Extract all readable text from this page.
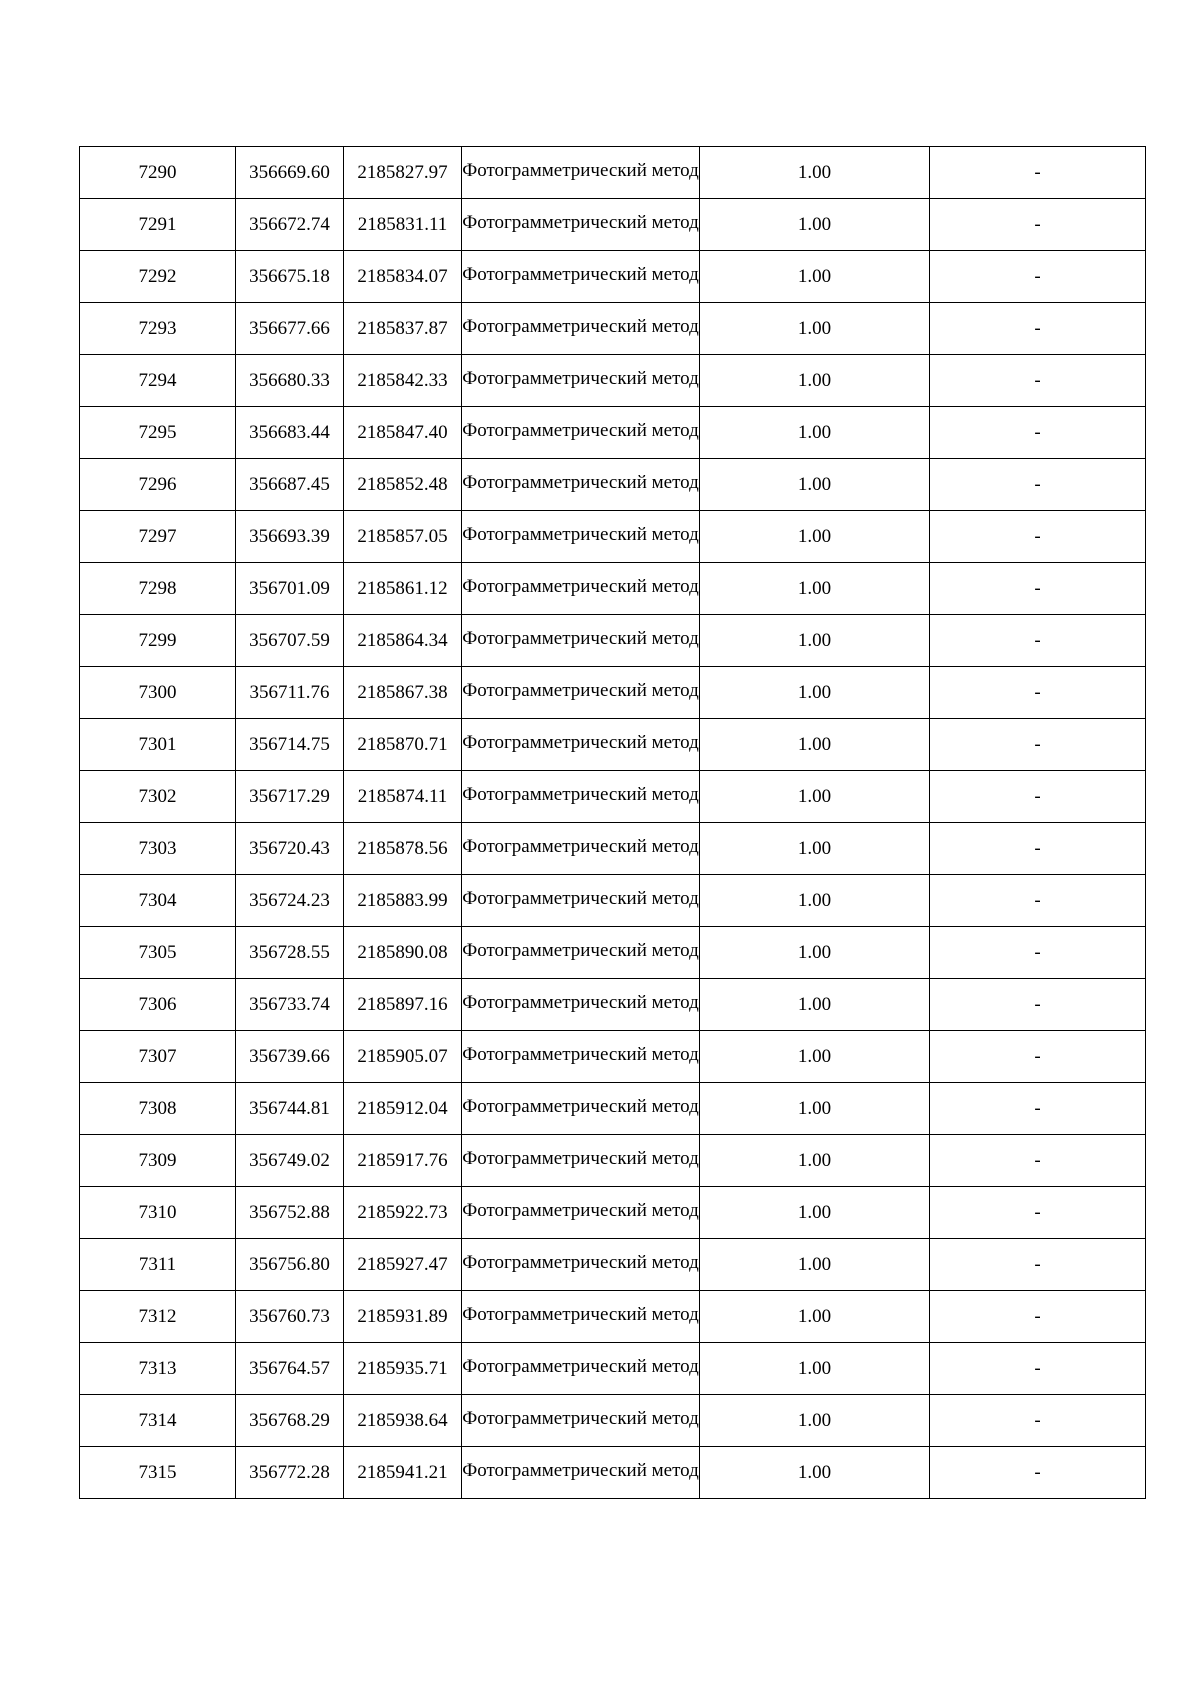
7290	356669.60	2185827.97	Фотограмметрический метод	1.00	-
7291	356672.74	2185831.11	Фотограмметрический метод	1.00	-
7292	356675.18	2185834.07	Фотограмметрический метод	1.00	-
7293	356677.66	2185837.87	Фотограмметрический метод	1.00	-
7294	356680.33	2185842.33	Фотограмметрический метод	1.00	-
7295	356683.44	2185847.40	Фотограмметрический метод	1.00	-
7296	356687.45	2185852.48	Фотограмметрический метод	1.00	-
7297	356693.39	2185857.05	Фотограмметрический метод	1.00	-
7298	356701.09	2185861.12	Фотограмметрический метод	1.00	-
7299	356707.59	2185864.34	Фотограмметрический метод	1.00	-
7300	356711.76	2185867.38	Фотограмметрический метод	1.00	-
7301	356714.75	2185870.71	Фотограмметрический метод	1.00	-
7302	356717.29	2185874.11	Фотограмметрический метод	1.00	-
7303	356720.43	2185878.56	Фотограмметрический метод	1.00	-
7304	356724.23	2185883.99	Фотограмметрический метод	1.00	-
7305	356728.55	2185890.08	Фотограмметрический метод	1.00	-
7306	356733.74	2185897.16	Фотограмметрический метод	1.00	-
7307	356739.66	2185905.07	Фотограмметрический метод	1.00	-
7308	356744.81	2185912.04	Фотограмметрический метод	1.00	-
7309	356749.02	2185917.76	Фотограмметрический метод	1.00	-
7310	356752.88	2185922.73	Фотограмметрический метод	1.00	-
7311	356756.80	2185927.47	Фотограмметрический метод	1.00	-
7312	356760.73	2185931.89	Фотограмметрический метод	1.00	-
7313	356764.57	2185935.71	Фотограмметрический метод	1.00	-
7314	356768.29	2185938.64	Фотограмметрический метод	1.00	-
7315	356772.28	2185941.21	Фотограмметрический метод	1.00	-
